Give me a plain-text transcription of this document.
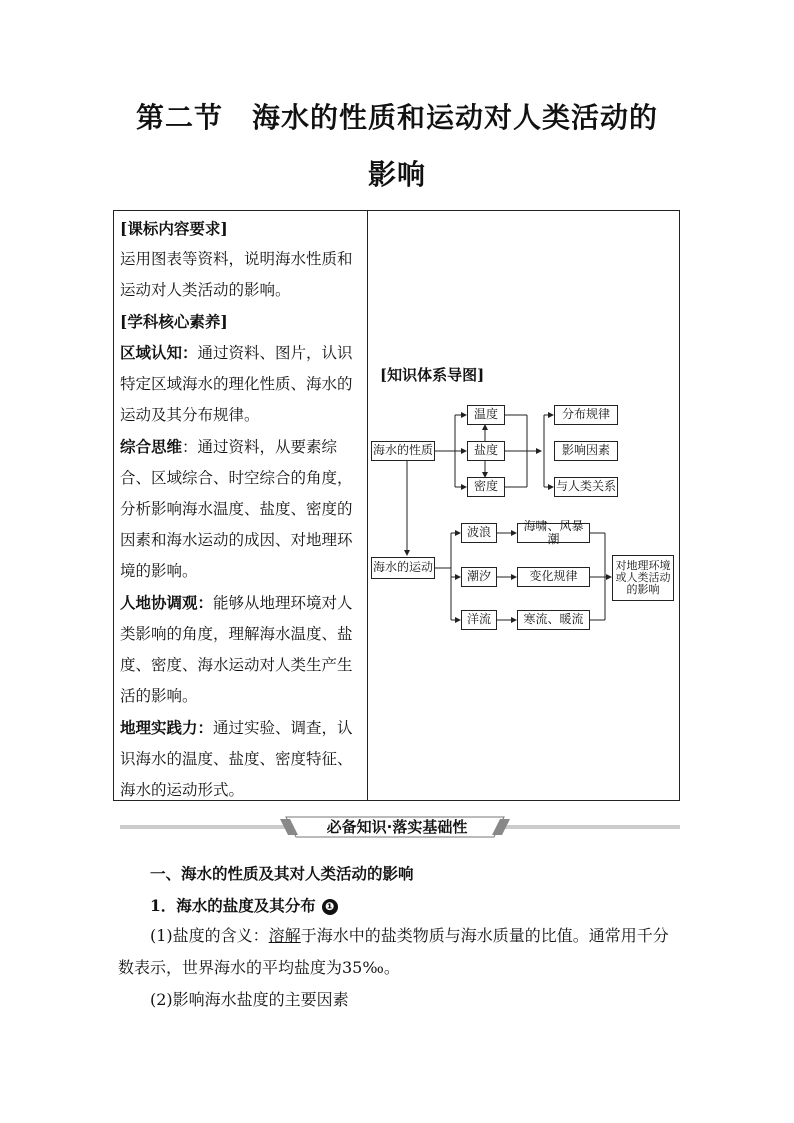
第二节　海水的性质和运动对人类活动的
影响

[课标内容要求]

运用图表等资料，说明海水性质和运动对人类活动的影响。

[学科核心素养]

区域认知：通过资料、图片，认识特定区域海水的理化性质、海水的运动及其分布规律。

综合思维：通过资料，从要素综合、区域综合、时空综合的角度，分析影响海水温度、盐度、密度的因素和海水运动的成因、对地理环境的影响。

人地协调观：能够从地理环境对人类影响的角度，理解海水温度、盐度、密度、海水运动对人类生产生活的影响。

地理实践力：通过实验、调查，认识海水的温度、盐度、密度特征、海水的运动形式。

[知识体系导图]
海水的性质
温度
盐度
密度
分布规律
影响因素
与人类关系
海水的运动
波浪
潮汐
洋流
海啸、风暴潮
变化规律
寒流、暖流
对地理环境或人类活动的影响
必备知识·落实基础性
一、海水的性质及其对人类活动的影响
1．海水的盐度及其分布 ❶
(1)盐度的含义：溶解于海水中的盐类物质与海水质量的比值。通常用千分数表示，世界海水的平均盐度为35‰。
(2)影响海水盐度的主要因素
